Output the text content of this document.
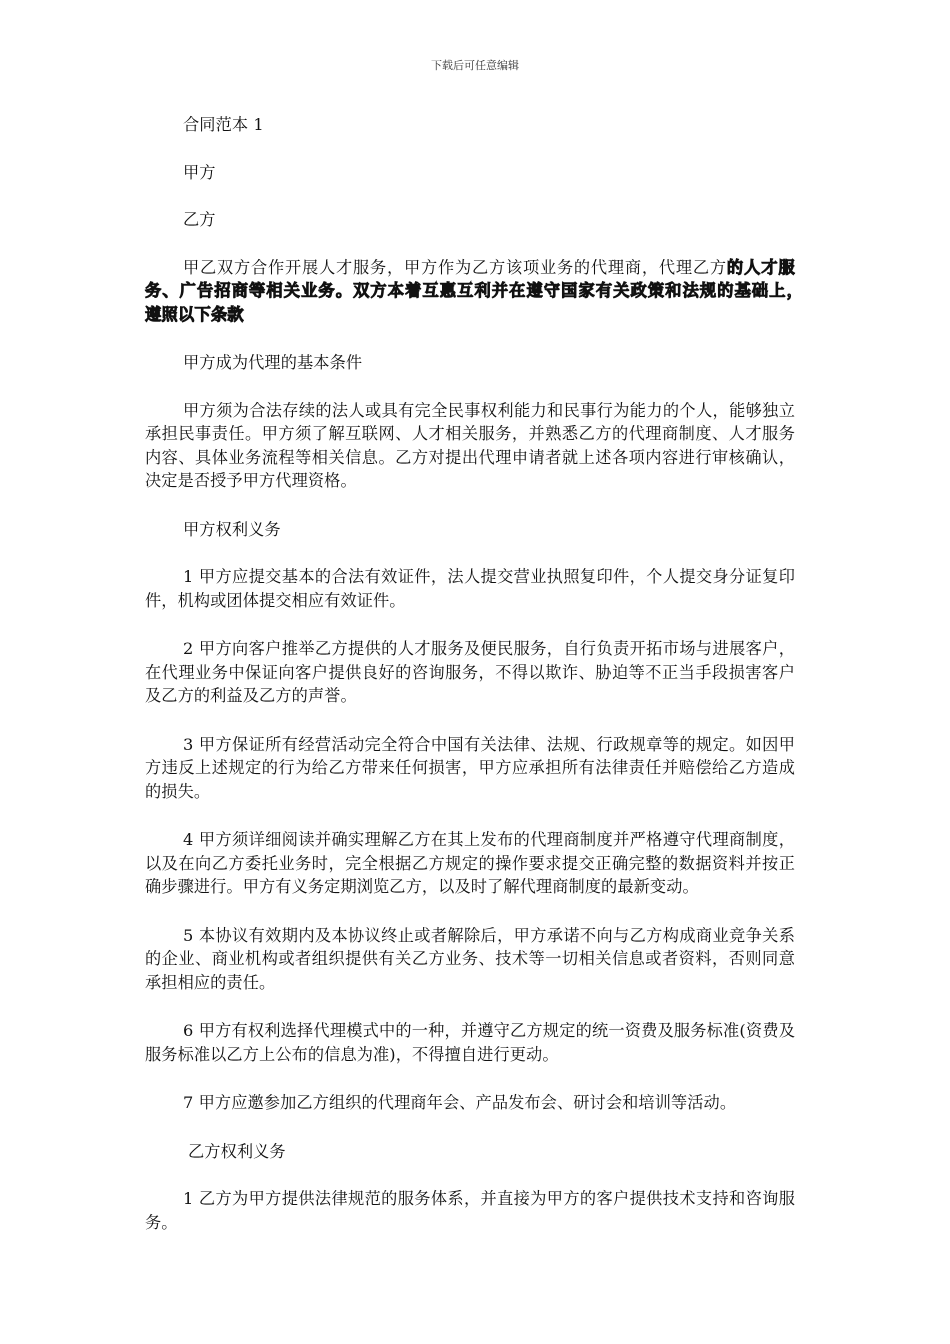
下载后可任意编辑

合同范本 1

甲方

乙方

甲乙双方合作开展人才服务，甲方作为乙方该项业务的代理商，代理乙方的人才服务、广告招商等相关业务。双方本着互惠互利并在遵守国家有关政策和法规的基础上，　遵照以下条款

甲方成为代理的基本条件

甲方须为合法存续的法人或具有完全民事权利能力和民事行为能力的个人，能够独立承担民事责任。甲方须了解互联网、人才相关服务，并熟悉乙方的代理商制度、人才服务内容、具体业务流程等相关信息。乙方对提出代理申请者就上述各项内容进行审核确认，决定是否授予甲方代理资格。

甲方权利义务

1 甲方应提交基本的合法有效证件，法人提交营业执照复印件，个人提交身分证复印件，机构或团体提交相应有效证件。

2 甲方向客户推举乙方提供的人才服务及便民服务，自行负责开拓市场与进展客户，在代理业务中保证向客户提供良好的咨询服务，不得以欺诈、胁迫等不正当手段损害客户及乙方的利益及乙方的声誉。

3 甲方保证所有经营活动完全符合中国有关法律、法规、行政规章等的规定。如因甲方违反上述规定的行为给乙方带来任何损害，甲方应承担所有法律责任并赔偿给乙方造成的损失。

4 甲方须详细阅读并确实理解乙方在其上发布的代理商制度并严格遵守代理商制度，以及在向乙方委托业务时，完全根据乙方规定的操作要求提交正确完整的数据资料并按正确步骤进行。甲方有义务定期浏览乙方，以及时了解代理商制度的最新变动。

5 本协议有效期内及本协议终止或者解除后，甲方承诺不向与乙方构成商业竞争关系的企业、商业机构或者组织提供有关乙方业务、技术等一切相关信息或者资料，否则同意承担相应的责任。

6 甲方有权利选择代理模式中的一种，并遵守乙方规定的统一资费及服务标准(资费及服务标准以乙方上公布的信息为准)，不得擅自进行更动。

7 甲方应邀参加乙方组织的代理商年会、产品发布会、研讨会和培训等活动。

乙方权利义务

1 乙方为甲方提供法律规范的服务体系，并直接为甲方的客户提供技术支持和咨询服务。
